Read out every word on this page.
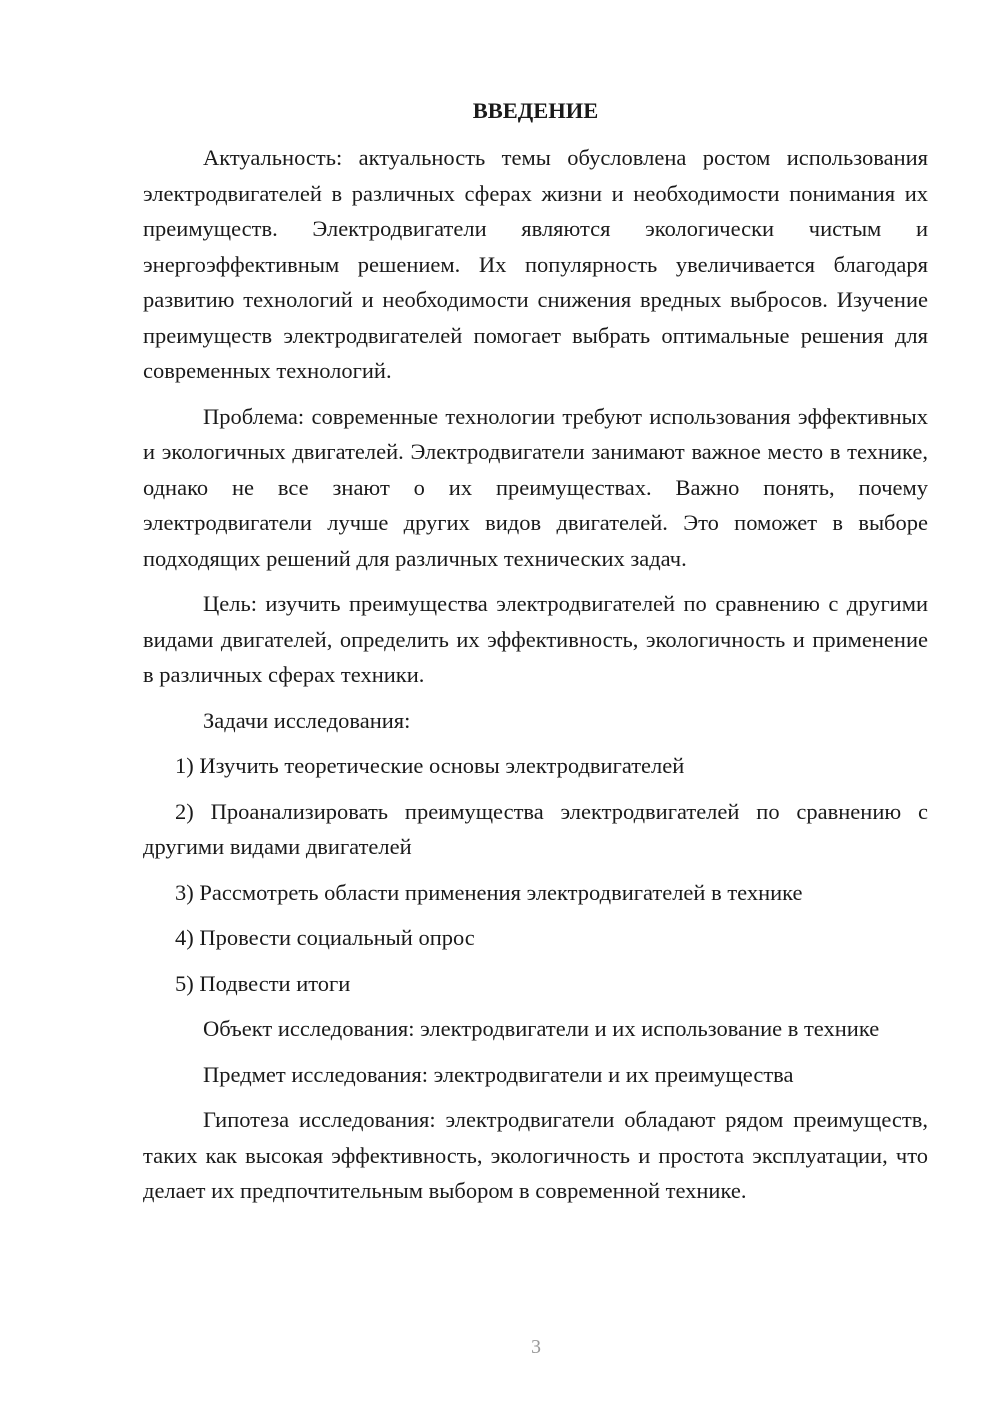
ВВЕДЕНИЕ

Актуальность: актуальность темы обусловлена ростом использования электродвигателей в различных сферах жизни и необходимости понимания их преимуществ. Электродвигатели являются экологически чистым и энергоэффективным решением. Их популярность увеличивается благодаря развитию технологий и необходимости снижения вредных выбросов. Изучение преимуществ электродвигателей помогает выбрать оптимальные решения для современных технологий.

Проблема: современные технологии требуют использования эффективных и экологичных двигателей. Электродвигатели занимают важное место в технике, однако не все знают о их преимуществах. Важно понять, почему электродвигатели лучше других видов двигателей. Это поможет в выборе подходящих решений для различных технических задач.

Цель: изучить преимущества электродвигателей по сравнению с другими видами двигателей, определить их эффективность, экологичность и применение в различных сферах техники.

Задачи исследования:

1) Изучить теоретические основы электродвигателей

2) Проанализировать преимущества электродвигателей по сравнению с другими видами двигателей

3) Рассмотреть области применения электродвигателей в технике

4) Провести социальный опрос

5) Подвести итоги

Объект исследования: электродвигатели и их использование в технике

Предмет исследования: электродвигатели и их преимущества

Гипотеза исследования: электродвигатели обладают рядом преимуществ, таких как высокая эффективность, экологичность и простота эксплуатации, что делает их предпочтительным выбором в современной технике.

3
